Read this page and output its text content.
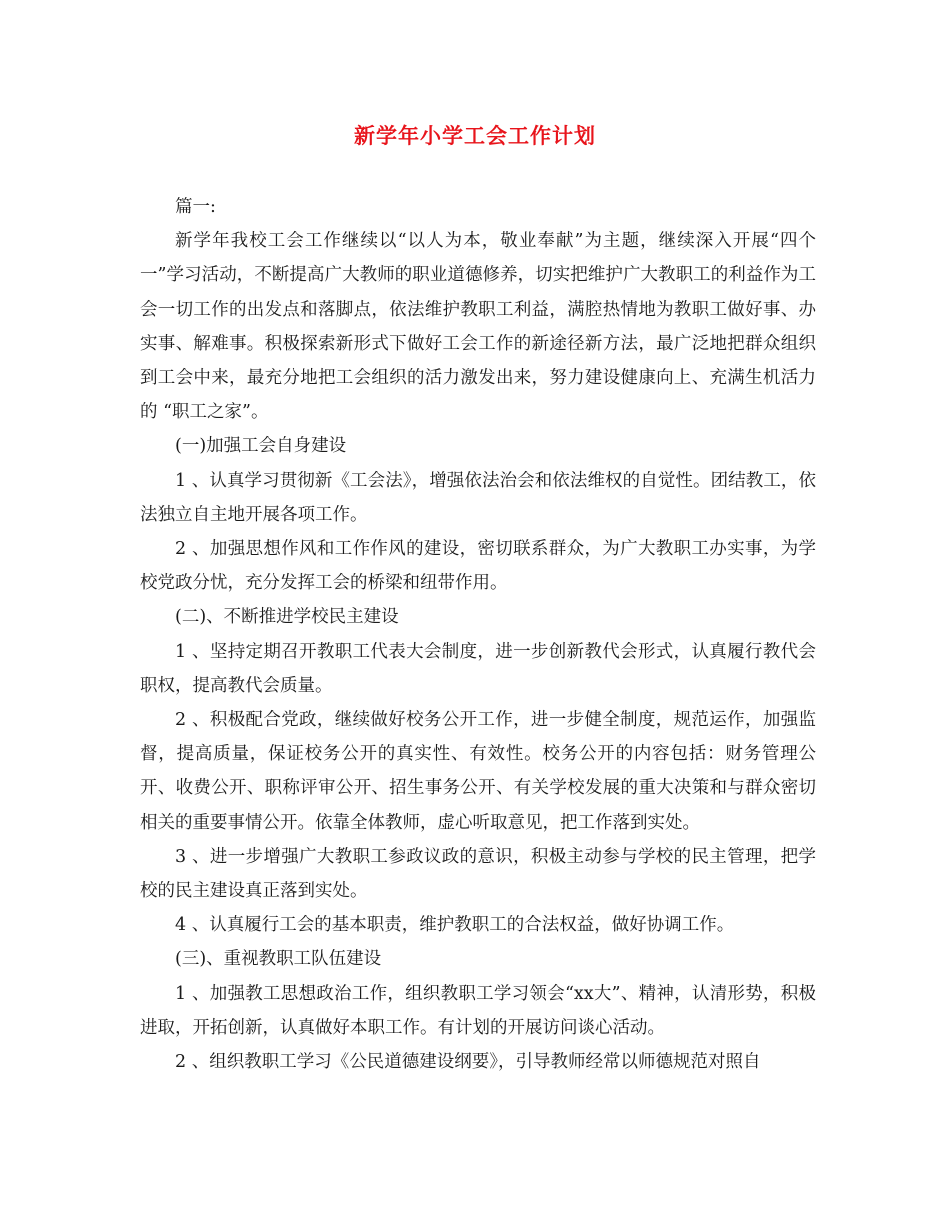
新学年小学工会工作计划

篇一:

新学年我校工会工作继续以“以人为本，敬业奉献”为主题，继续深入开展“四个一”学习活动，不断提高广大教师的职业道德修养，切实把维护广大教职工的利益作为工会一切工作的出发点和落脚点，依法维护教职工利益，满腔热情地为教职工做好事、办实事、解难事。积极探索新形式下做好工会工作的新途径新方法，最广泛地把群众组织到工会中来，最充分地把工会组织的活力激发出来，努力建设健康向上、充满生机活力的 “职工之家”。

(一)加强工会自身建设

1 、认真学习贯彻新《工会法》，增强依法治会和依法维权的自觉性。团结教工，依法独立自主地开展各项工作。

2 、加强思想作风和工作作风的建设，密切联系群众，为广大教职工办实事，为学校党政分忧，充分发挥工会的桥梁和纽带作用。

(二)、不断推进学校民主建设

1 、坚持定期召开教职工代表大会制度，进一步创新教代会形式，认真履行教代会职权，提高教代会质量。

2 、积极配合党政，继续做好校务公开工作，进一步健全制度，规范运作，加强监督，提高质量，保证校务公开的真实性、有效性。校务公开的内容包括：财务管理公开、收费公开、职称评审公开、招生事务公开、有关学校发展的重大决策和与群众密切相关的重要事情公开。依靠全体教师，虚心听取意见，把工作落到实处。

3 、进一步增强广大教职工参政议政的意识，积极主动参与学校的民主管理，把学校的民主建设真正落到实处。

4 、认真履行工会的基本职责，维护教职工的合法权益，做好协调工作。

(三)、重视教职工队伍建设

1 、加强教工思想政治工作，组织教职工学习领会“xx大”、精神，认清形势，积极进取，开拓创新，认真做好本职工作。有计划的开展访问谈心活动。

2 、组织教职工学习《公民道德建设纲要》，引导教师经常以师德规范对照自
